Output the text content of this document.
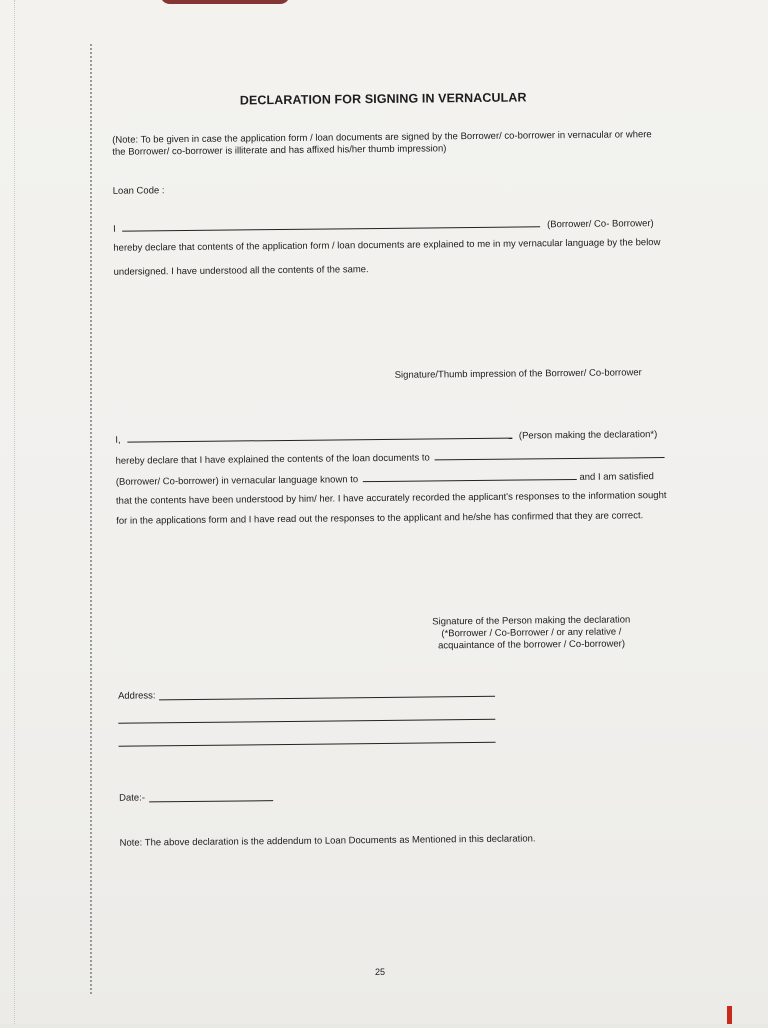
DECLARATION FOR SIGNING IN VERNACULAR
(Note: To be given in case the application form / loan documents are signed by the Borrower/ co-borrower in vernacular or where
the Borrower/ co-borrower is illiterate and has affixed his/her thumb impression)
Loan Code :
I	(Borrower/ Co- Borrower)
hereby declare that contents of the application form / loan documents are explained to me in my vernacular language by the below
undersigned. I have understood all the contents of the same.
Signature/Thumb impression of the Borrower/ Co-borrower
I,	(Person making the declaration*)
hereby declare that I have explained the contents of the loan documents to
(Borrower/ Co-borrower) in vernacular language known to	and I am satisfied
that the contents have been understood by him/ her. I have accurately recorded the applicant's responses to the information sought
for in the applications form and I have read out the responses to the applicant and he/she has confirmed that they are correct.
Signature of the Person making the declaration
(*Borrower / Co-Borrower / or any relative /
acquaintance of the borrower / Co-borrower)
Address:
Date:-
Note: The above declaration is the addendum to Loan Documents as Mentioned in this declaration.
25
